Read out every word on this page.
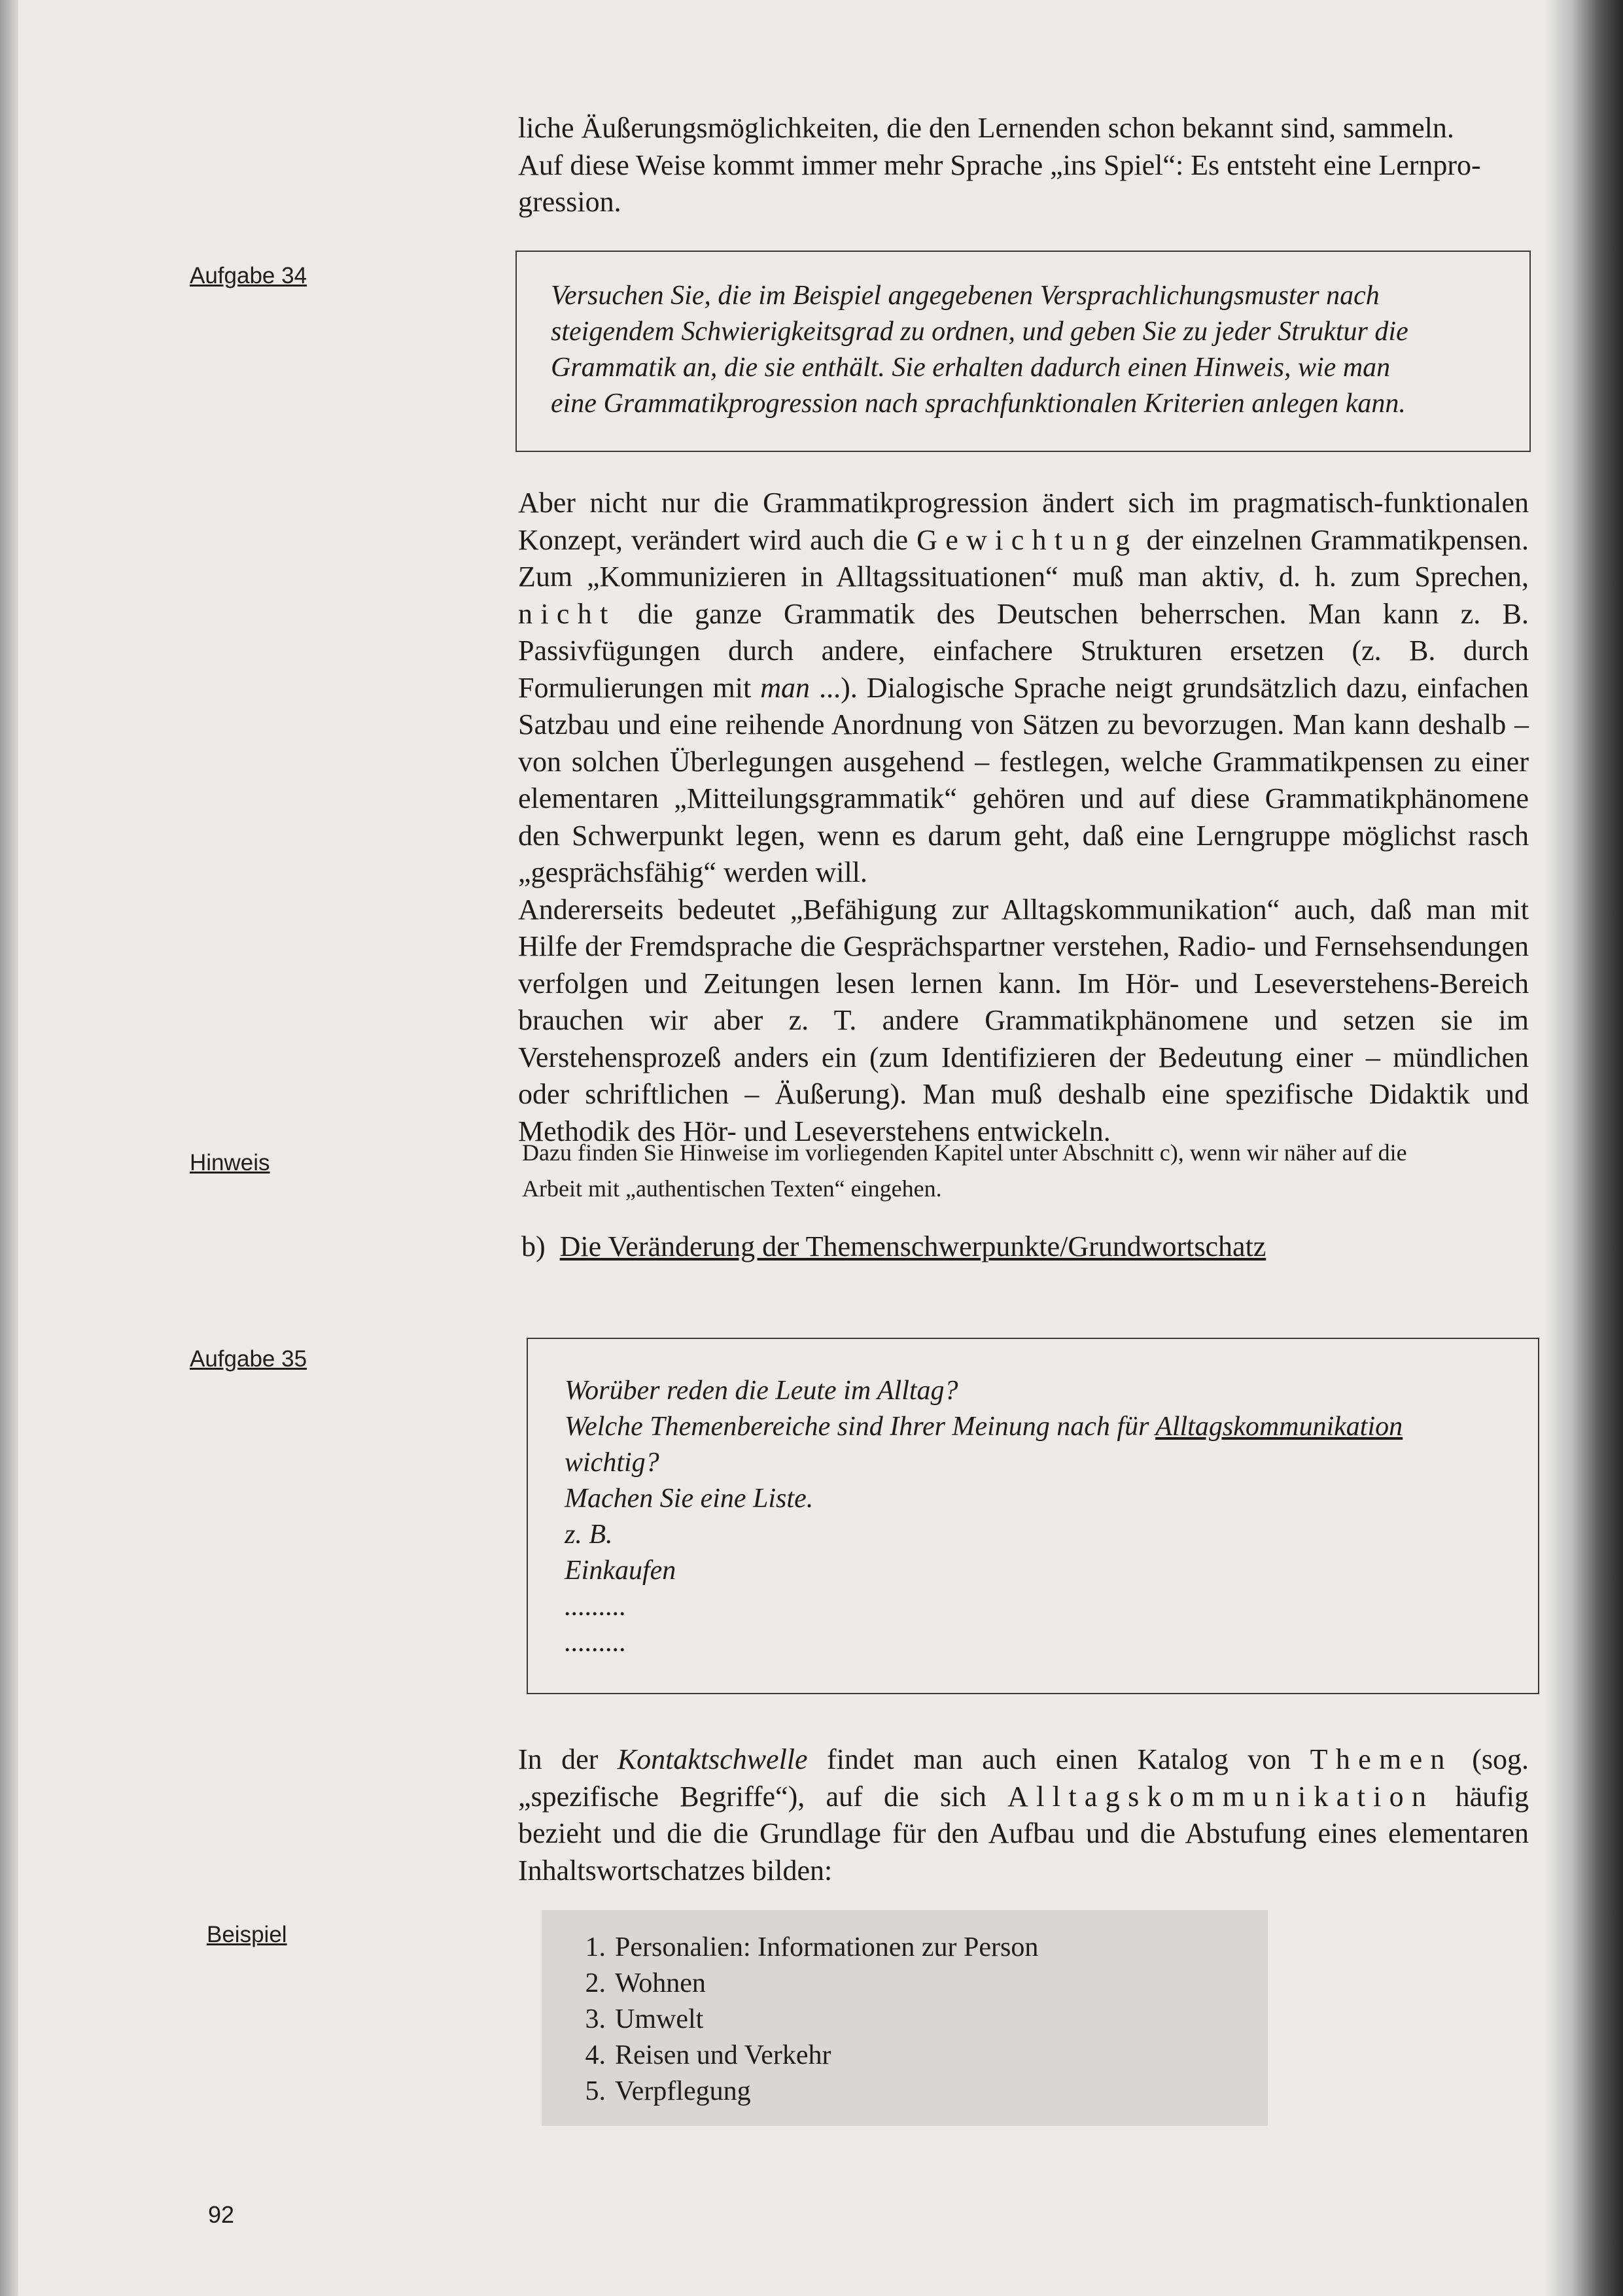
liche Äußerungsmöglichkeiten, die den Lernenden schon bekannt sind, sammeln.
Auf diese Weise kommt immer mehr Sprache „ins Spiel“: Es entsteht eine Lernpro-
gression.
Aufgabe 34

Versuchen Sie, die im Beispiel angegebenen Versprachlichungsmuster nach

steigendem Schwierigkeitsgrad zu ordnen, und geben Sie zu jeder Struktur die

Grammatik an, die sie enthält. Sie erhalten dadurch einen Hinweis, wie man

eine Grammatikprogression nach sprachfunktionalen Kriterien anlegen kann.

Aber nicht nur die Grammatikprogression ändert sich im pragmatisch-funktionalen Konzept, verändert wird auch die Gewichtung der einzelnen Grammatikpensen. Zum „Kommunizieren in Alltagssituationen“ muß man aktiv, d. h. zum Sprechen, nicht die ganze Grammatik des Deutschen beherrschen. Man kann z. B. Passivfügungen durch andere, einfachere Strukturen ersetzen (z. B. durch Formulierungen mit man ...). Dialogische Sprache neigt grundsätzlich dazu, einfachen Satzbau und eine reihende Anordnung von Sätzen zu bevorzugen. Man kann deshalb – von solchen Überlegungen ausgehend – festlegen, welche Grammatikpensen zu einer elementaren „Mitteilungsgrammatik“ gehören und auf diese Grammatikphänomene den Schwerpunkt legen, wenn es darum geht, daß eine Lerngruppe möglichst rasch „gesprächsfähig“ werden will.

Andererseits bedeutet „Befähigung zur Alltagskommunikation“ auch, daß man mit Hilfe der Fremdsprache die Gesprächspartner verstehen, Radio- und Fernsehsendungen verfolgen und Zeitungen lesen lernen kann. Im Hör- und Leseverstehens-Bereich brauchen wir aber z. T. andere Grammatikphänomene und setzen sie im Verstehensprozeß anders ein (zum Identifizieren der Bedeutung einer – mündlichen oder schriftlichen – Äußerung). Man muß deshalb eine spezifische Didaktik und Methodik des Hör- und Leseverstehens entwickeln.

Hinweis	Dazu finden Sie Hinweise im vorliegenden Kapitel unter Abschnitt c), wenn wir näher auf die
Arbeit mit „authentischen Texten“ eingehen.
b) Die Veränderung der Themenschwerpunkte/Grundwortschatz
Aufgabe 35

Worüber reden die Leute im Alltag?

Welche Themenbereiche sind Ihrer Meinung nach für Alltagskommunikation

wichtig?

Machen Sie eine Liste.

z. B.

Einkaufen

.........

.........

In der Kontaktschwelle findet man auch einen Katalog von Themen (sog. „spezifische Begriffe“), auf die sich Alltagskommunikation häufig bezieht und die die Grundlage für den Aufbau und die Abstufung eines elementaren Inhaltswortschatzes bilden:

Beispiel	1. Personalien: Informationen zur Person
2. Wohnen
3. Umwelt
4. Reisen und Verkehr
5. Verpflegung
92
